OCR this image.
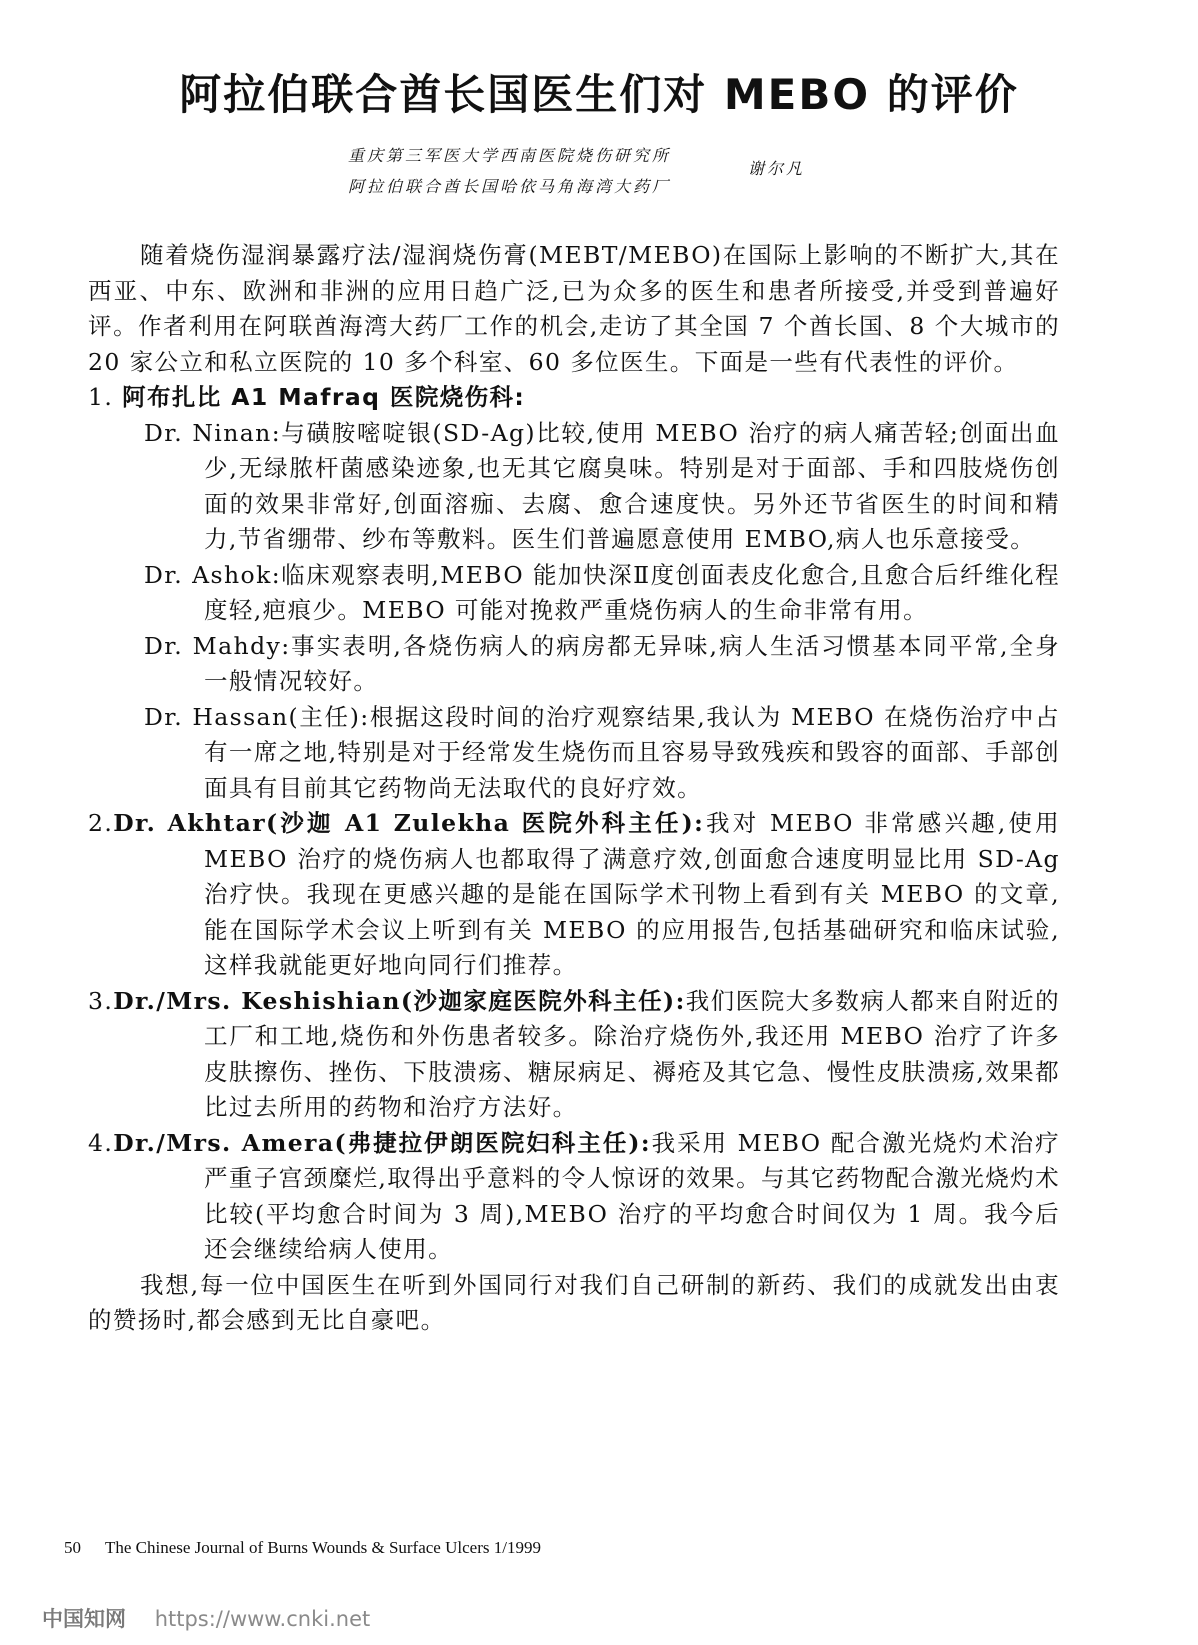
阿拉伯联合酋长国医生们对 MEBO 的评价
重庆第三军医大学西南医院烧伤研究所
阿拉伯联合酋长国哈依马角海湾大药厂
谢尔凡

随着烧伤湿润暴露疗法/湿润烧伤膏(MEBT/MEBO)在国际上影响的不断扩大,其在西亚、中东、欧洲和非洲的应用日趋广泛,已为众多的医生和患者所接受,并受到普遍好评。作者利用在阿联酋海湾大药厂工作的机会,走访了其全国 7 个酋长国、8 个大城市的 20 家公立和私立医院的 10 多个科室、60 多位医生。下面是一些有代表性的评价。

1. 阿布扎比 A1 Mafraq 医院烧伤科:

Dr. Ninan:与磺胺嘧啶银(SD-Ag)比较,使用 MEBO 治疗的病人痛苦轻;创面出血少,无绿脓杆菌感染迹象,也无其它腐臭味。特别是对于面部、手和四肢烧伤创面的效果非常好,创面溶痂、去腐、愈合速度快。另外还节省医生的时间和精力,节省绷带、纱布等敷料。医生们普遍愿意使用 EMBO,病人也乐意接受。

Dr. Ashok:临床观察表明,MEBO 能加快深Ⅱ度创面表皮化愈合,且愈合后纤维化程度轻,疤痕少。MEBO 可能对挽救严重烧伤病人的生命非常有用。

Dr. Mahdy:事实表明,各烧伤病人的病房都无异味,病人生活习惯基本同平常,全身一般情况较好。

Dr. Hassan(主任):根据这段时间的治疗观察结果,我认为 MEBO 在烧伤治疗中占有一席之地,特别是对于经常发生烧伤而且容易导致残疾和毁容的面部、手部创面具有目前其它药物尚无法取代的良好疗效。

2.Dr. Akhtar(沙迦 A1 Zulekha 医院外科主任):我对 MEBO 非常感兴趣,使用 MEBO 治疗的烧伤病人也都取得了满意疗效,创面愈合速度明显比用 SD-Ag 治疗快。我现在更感兴趣的是能在国际学术刊物上看到有关 MEBO 的文章,能在国际学术会议上听到有关 MEBO 的应用报告,包括基础研究和临床试验,这样我就能更好地向同行们推荐。

3.Dr./Mrs. Keshishian(沙迦家庭医院外科主任):我们医院大多数病人都来自附近的工厂和工地,烧伤和外伤患者较多。除治疗烧伤外,我还用 MEBO 治疗了许多皮肤擦伤、挫伤、下肢溃疡、糖尿病足、褥疮及其它急、慢性皮肤溃疡,效果都比过去所用的药物和治疗方法好。

4.Dr./Mrs. Amera(弗捷拉伊朗医院妇科主任):我采用 MEBO 配合激光烧灼术治疗严重子宫颈糜烂,取得出乎意料的令人惊讶的效果。与其它药物配合激光烧灼术比较(平均愈合时间为 3 周),MEBO 治疗的平均愈合时间仅为 1 周。我今后还会继续给病人使用。

我想,每一位中国医生在听到外国同行对我们自己研制的新药、我们的成就发出由衷的赞扬时,都会感到无比自豪吧。

50 The Chinese Journal of Burns Wounds & Surface Ulcers 1/1999
中国知网 https://www.cnki.net
